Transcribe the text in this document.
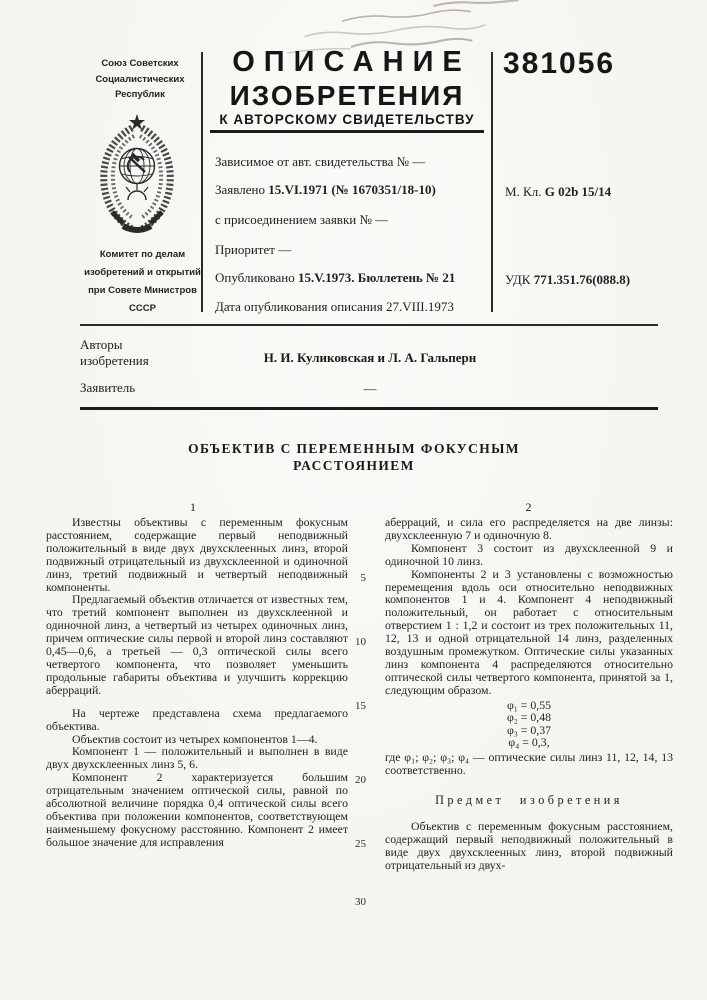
Союз Советских
Социалистических
Республик
Комитет по делам
изобретений и открытий
при Совете Министров
СССР
ОПИСАНИЕ
ИЗОБРЕТЕНИЯ
К АВТОРСКОМУ СВИДЕТЕЛЬСТВУ
381056
Зависимое от авт. свидетельства № —
Заявлено 15.VI.1971 (№ 1670351/18-10)	М. Кл. G 02b 15/14
с присоединением заявки № —
Приоритет —
Опубликовано 15.V.1973. Бюллетень № 21	УДК 771.351.76(088.8)
Дата опубликования описания 27.VIII.1973
Авторы
изобретения	Н. И. Куликовская и Л. А. Гальперн
Заявитель	—
ОБЪЕКТИВ С ПЕРЕМЕННЫМ ФОКУСНЫМ
РАССТОЯНИЕМ
1	2
5
10
15
20
25
30

Известны объективы с переменным фокусным расстоянием, содержащие первый неподвижный положительный в виде двух двухсклеенных линз, второй подвижный отрицательный из двухсклеенной и одиночной линз, третий подвижный и четвертый неподвижный компоненты.

Предлагаемый объектив отличается от известных тем, что третий компонент выполнен из двухсклеенной и одиночной линз, а четвертый из четырех одиночных линз, причем оптические силы первой и второй линз составляют 0,45—0,6, а третьей — 0,3 оптической силы всего четвертого компонента, что позволяет уменьшить продольные габариты объектива и улучшить коррекцию аберраций.

На чертеже представлена схема предлагаемого объектива.

Объектив состоит из четырех компонентов 1—4.

Компонент 1 — положительный и выполнен в виде двух двухсклеенных линз 5, 6.

Компонент 2 характеризуется большим отрицательным значением оптической силы, равной по абсолютной величине порядка 0,4 оптической силы всего объектива при положении компонентов, соответствующем наименьшему фокусному расстоянию. Компонент 2 имеет большое значение для исправления

аберраций, и сила его распределяется на две линзы: двухсклеенную 7 и одиночную 8.

Компонент 3 состоит из двухсклеенной 9 и одиночной 10 линз.

Компоненты 2 и 3 установлены с возможностью перемещения вдоль оси относительно неподвижных компонентов 1 и 4. Компонент 4 неподвижный положительный, он работает с относительным отверстием 1 : 1,2 и состоит из трех положительных 11, 12, 13 и одной отрицательной 14 линз, разделенных воздушным промежутком. Оптические силы указанных линз компонента 4 распределяются относительно оптической силы четвертого компонента, принятой за 1, следующим образом.

φ₁ = 0,55
φ₂ = 0,48
φ₃ = 0,37
φ₄ = 0,3,

где φ₁; φ₂; φ₃; φ₄ — оптические силы линз 11, 12, 14, 13 соответственно.

Предмет изобретения

Объектив с переменным фокусным расстоянием, содержащий первый неподвижный положительный в виде двух двухсклеенных линз, второй подвижный отрицательный из двух-
